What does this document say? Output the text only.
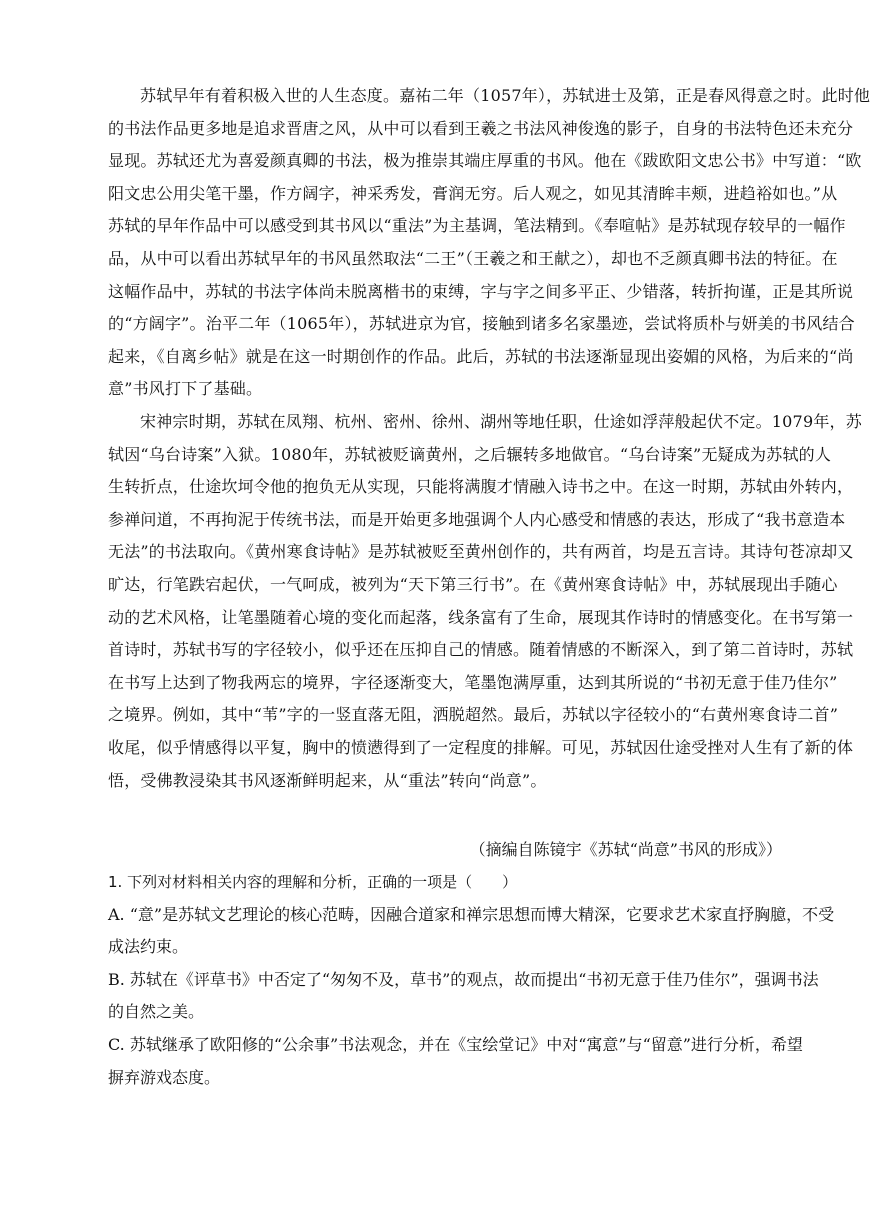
苏轼早年有着积极入世的人生态度。嘉祐二年（1057年），苏轼进士及第，正是春风得意之时。此时他
的书法作品更多地是追求晋唐之风，从中可以看到王羲之书法风神俊逸的影子，自身的书法特色还未充分
显现。苏轼还尤为喜爱颜真卿的书法，极为推崇其端庄厚重的书风。他在《跋欧阳文忠公书》中写道：“欧
阳文忠公用尖笔干墨，作方阔字，神采秀发，膏润无穷。后人观之，如见其清眸丰颊，进趋裕如也。”从
苏轼的早年作品中可以感受到其书风以“重法”为主基调，笔法精到。《奉喧帖》是苏轼现存较早的一幅作
品，从中可以看出苏轼早年的书风虽然取法“二王”（王羲之和王献之），却也不乏颜真卿书法的特征。在
这幅作品中，苏轼的书法字体尚未脱离楷书的束缚，字与字之间多平正、少错落，转折拘谨，正是其所说
的“方阔字”。治平二年（1065年），苏轼进京为官，接触到诸多名家墨迹，尝试将质朴与妍美的书风结合
起来，《自离乡帖》就是在这一时期创作的作品。此后，苏轼的书法逐渐显现出姿媚的风格，为后来的“尚
意”书风打下了基础。
宋神宗时期，苏轼在凤翔、杭州、密州、徐州、湖州等地任职，仕途如浮萍般起伏不定。1079年，苏
轼因“乌台诗案”入狱。1080年，苏轼被贬谪黄州，之后辗转多地做官。“乌台诗案”无疑成为苏轼的人
生转折点，仕途坎坷令他的抱负无从实现，只能将满腹才情融入诗书之中。在这一时期，苏轼由外转内，
参禅问道，不再拘泥于传统书法，而是开始更多地强调个人内心感受和情感的表达，形成了“我书意造本
无法”的书法取向。《黄州寒食诗帖》是苏轼被贬至黄州创作的，共有两首，均是五言诗。其诗句苍凉却又
旷达，行笔跌宕起伏，一气呵成，被列为“天下第三行书”。在《黄州寒食诗帖》中，苏轼展现出手随心
动的艺术风格，让笔墨随着心境的变化而起落，线条富有了生命，展现其作诗时的情感变化。在书写第一
首诗时，苏轼书写的字径较小，似乎还在压抑自己的情感。随着情感的不断深入，到了第二首诗时，苏轼
在书写上达到了物我两忘的境界，字径逐渐变大，笔墨饱满厚重，达到其所说的“书初无意于佳乃佳尔”
之境界。例如，其中“苇”字的一竖直落无阻，洒脱超然。最后，苏轼以字径较小的“右黄州寒食诗二首”
收尾，似乎情感得以平复，胸中的愤懑得到了一定程度的排解。可见，苏轼因仕途受挫对人生有了新的体
悟，受佛教浸染其书风逐渐鲜明起来，从“重法”转向“尚意”。
（摘编自陈镜宇《苏轼“尚意”书风的形成》）
1. 下列对材料相关内容的理解和分析，正确的一项是（　　）
A. “意”是苏轼文艺理论的核心范畴，因融合道家和禅宗思想而博大精深，它要求艺术家直抒胸臆，不受
成法约束。
B. 苏轼在《评草书》中否定了“匆匆不及，草书”的观点，故而提出“书初无意于佳乃佳尔”，强调书法
的自然之美。
C. 苏轼继承了欧阳修的“公余事”书法观念，并在《宝绘堂记》中对“寓意”与“留意”进行分析，希望
摒弃游戏态度。
